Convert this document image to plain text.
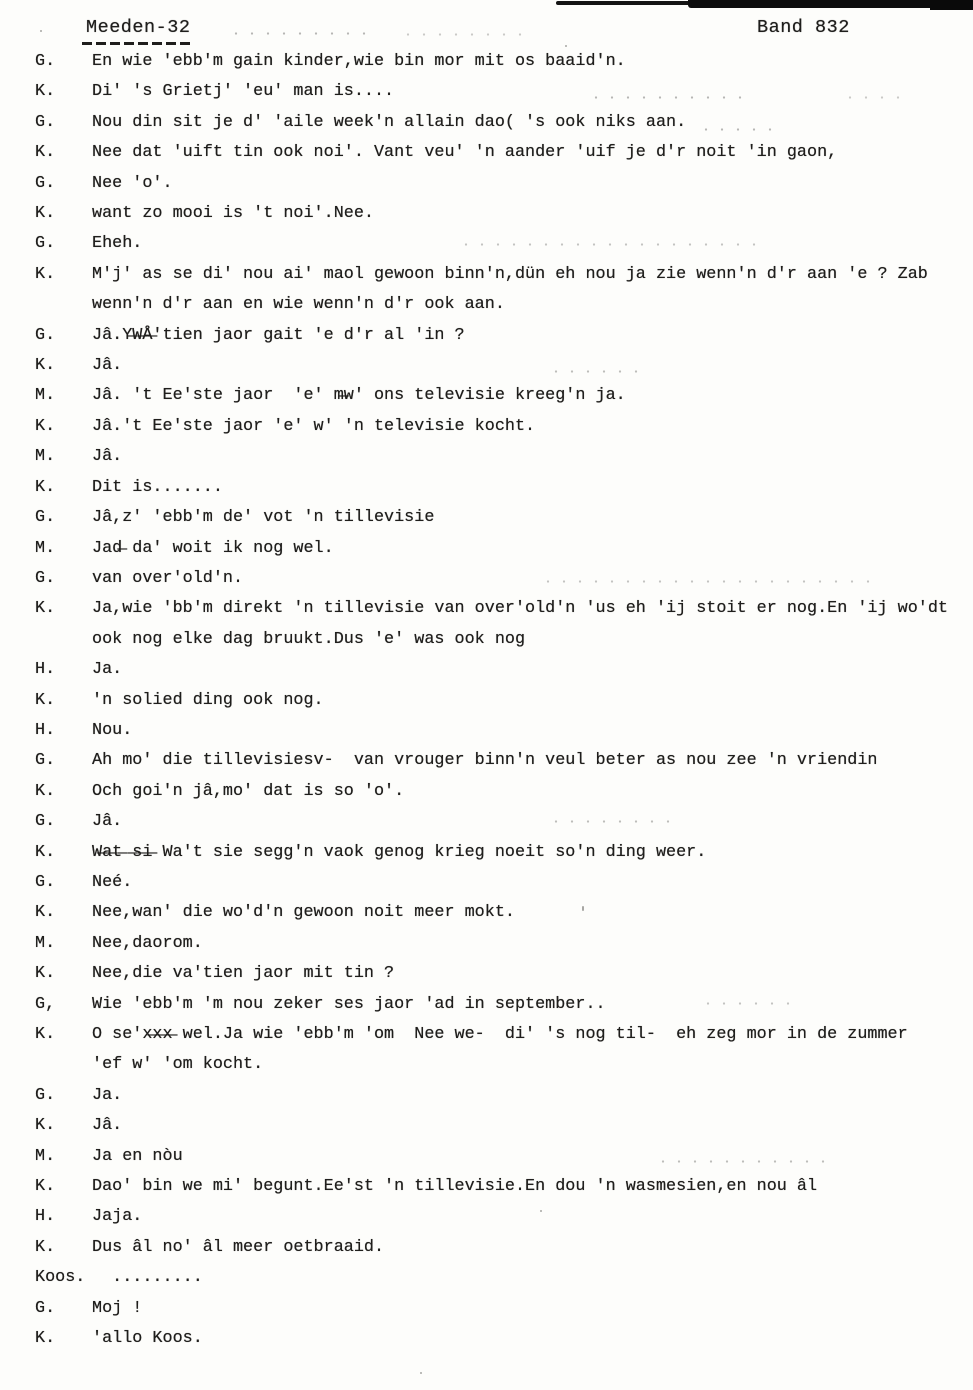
Meeden-32

	Band 832

G. En wie 'ebb'm gain kinder,wie bin mor mit os baaid'n.
K. Di' 's Grietj' 'eu' man is....
G. Nou din sit je d' 'aile week'n allain dao( 's ook niks aan.
K. Nee dat 'uift tin ook noi'. Vant veu' 'n aander 'uif je d'r noit 'in gaon,
G. Nee 'o'.
K. want zo mooi is 't noi'.Nee.
G. Eheh.
K. M'j' as se di' nou ai' maol gewoon binn'n,dün eh nou ja zie wenn'n d'r aan 'e ? Zab
wenn'n d'r aan en wie wenn'n d'r ook aan.
G. Jâ.Y̶W̶Å̶'tien jaor gait 'e d'r al 'in ?
K. Jâ.
M. Jâ. 't Ee'ste jaor  'e' m̶w' ons televisie kreeg'n ja.
K. Jâ.'t Ee'ste jaor 'e' w' 'n televisie kocht.
M. Jâ.
K. Dit is.......
G. Jâ,z' 'ebb'm de' vot 'n tillevisie
M. Jad̶ da' woit ik nog wel.
G. van over'old'n.
K. Ja,wie 'bb'm direkt 'n tillevisie van over'old'n 'us eh 'ij stoit er nog.En 'ij wo'dt
ook nog elke dag bruukt.Dus 'e' was ook nog
H. Ja.
K. 'n solied ding ook nog.
H. Nou.
G. Ah mo' die tillevisiesv-  van vrouger binn'n veul beter as nou zee 'n vriendin
K. Och goi'n jâ,mo' dat is so 'o'.
G. Jâ.
K. W̶a̶t̶ ̶s̶i̶ Wa't sie segg'n vaok genog krieg noeit so'n ding weer.
G. Neé.
K. Nee,wan' die wo'd'n gewoon noit meer mokt.
M. Nee,daorom.
K. Nee,die va'tien jaor mit tin ?
G, Wie 'ebb'm 'm nou zeker ses jaor 'ad in september..
K. O se'x̶x̶x̶ wel.Ja wie 'ebb'm 'om  Nee we-  di' 's nog til-  eh zeg mor in de zummer
'ef w' 'om kocht.
G. Ja.
K. Jâ.
M. Ja en nòu
K. Dao' bin we mi' begunt.Ee'st 'n tillevisie.En dou 'n wasmesien,en nou âl
H. Jaja.
K. Dus âl no' âl meer oetbraaid.
Koos.  .........
G. Moj !
K. 'allo Koos.
